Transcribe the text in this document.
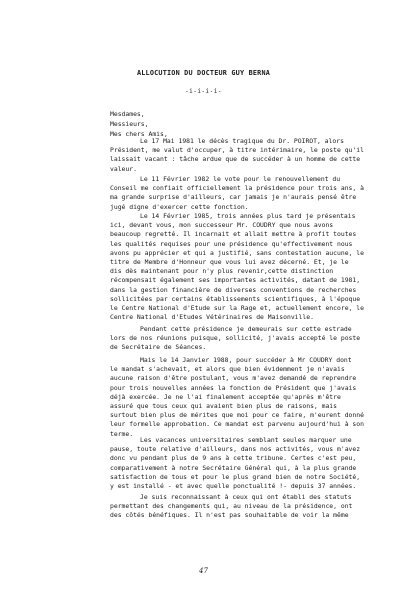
ALLOCUTION DU DOCTEUR GUY BERNA
-i-i-i-i-
Mesdames,
Messieurs,
Mes chers Amis,
Le 17 Mai 1981 le décès tragique du Dr. POIROT, alors
Président, me valut d'occuper, à titre intérimaire, le poste qu'il
laissait vacant : tâche ardue que de succéder à un homme de cette
valeur.
Le 11 Février 1982 le vote pour le renouvellement du
Conseil me confiait officiellement la présidence pour trois ans, à
ma grande surprise d'ailleurs, car jamais je n'aurais pensé être
jugé digne d'exercer cette fonction.
Le 14 Février 1985, trois années plus tard je présentais
ici, devant vous, mon successeur Mr. COUDRY que nous avons
beaucoup regretté. Il incarnait et allait mettre à profit toutes
les qualités requises pour une présidence qu'effectivement nous
avons pu apprécier et qui a justifié, sans contestation aucune, le
titre de Membre d'Honneur que vous lui avez décerné. Et, je le
dis dès maintenant pour n'y plus revenir,cette distinction
récompensait également ses importantes activités, datant de 1981,
dans la gestion financière de diverses conventions de recherches
sollicitées par certains établissements scientifiques, à l'époque
le Centre National d'Etude sur la Rage et, actuellement encore, le
Centre National d'Etudes Vétérinaires de Maisonville.
Pendant cette présidence je demeurais sur cette estrade
lors de nos réunions puisque, sollicité, j'avais accepté le poste
de Secrétaire de Séances.
Mais le 14 Janvier 1988, pour succéder à Mr COUDRY dont
le mandat s'achevait, et alors que bien évidemment je n'avais
aucune raison d'être postulant, vous m'avez demandé de reprendre
pour trois nouvelles années la fonction de Président que j'avais
déjà exercée. Je ne l'ai finalement acceptée qu'après m'être
assuré que tous ceux qui avaient bien plus de raisons, mais
surtout bien plus de mérites que moi pour ce faire, m'eurent donné
leur formelle approbation. Ce mandat est parvenu aujourd'hui à son
terme.
Les vacances universitaires semblant seules marquer une
pause, toute relative d'ailleurs, dans nos activités, vous m'avez
donc vu pendant plus de 9 ans à cette tribune. Certes c'est peu,
comparativement à notre Secrétaire Général qui, à la plus grande
satisfaction de tous et pour le plus grand bien de notre Société,
y est installé - et avec quelle ponctualité !- depuis 37 années.
Je suis reconnaissant à ceux qui ont établi des statuts
permettant des changements qui, au niveau de la présidence, ont
des côtés bénéfiques. Il n'est pas souhaitable de voir la même
47
